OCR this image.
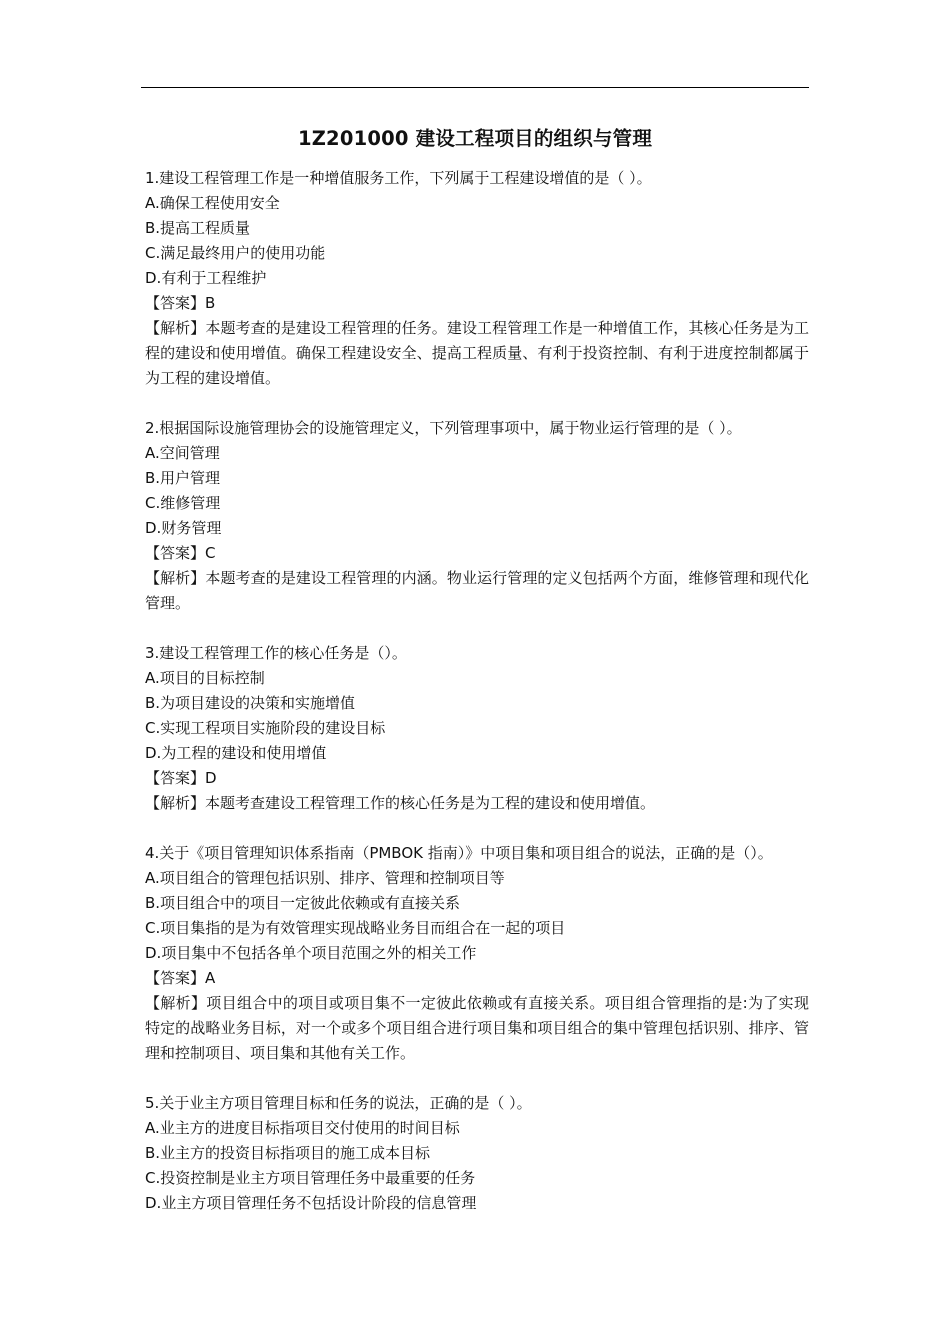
1Z201000 建设工程项目的组织与管理
1.建设工程管理工作是一种增值服务工作，下列属于工程建设增值的是（ ）。
A.确保工程使用安全
B.提高工程质量
C.满足最终用户的使用功能
D.有利于工程维护
【答案】B
【解析】本题考查的是建设工程管理的任务。建设工程管理工作是一种增值工作，其核心任务是为工程的建设和使用增值。确保工程建设安全、提高工程质量、有利于投资控制、有利于进度控制都属于为工程的建设增值。
2.根据国际设施管理协会的设施管理定义，下列管理事项中，属于物业运行管理的是（ ）。
A.空间管理
B.用户管理
C.维修管理
D.财务管理
【答案】C
【解析】本题考查的是建设工程管理的内涵。物业运行管理的定义包括两个方面，维修管理和现代化管理。
3.建设工程管理工作的核心任务是（）。
A.项目的目标控制
B.为项目建设的决策和实施增值
C.实现工程项目实施阶段的建设目标
D.为工程的建设和使用增值
【答案】D
【解析】本题考查建设工程管理工作的核心任务是为工程的建设和使用增值。
4.关于《项目管理知识体系指南（PMBOK 指南）》中项目集和项目组合的说法，正确的是（）。
A.项目组合的管理包括识别、排序、管理和控制项目等
B.项目组合中的项目一定彼此依赖或有直接关系
C.项目集指的是为有效管理实现战略业务目而组合在一起的项目
D.项目集中不包括各单个项目范围之外的相关工作
【答案】A
【解析】项目组合中的项目或项目集不一定彼此依赖或有直接关系。项目组合管理指的是:为了实现特定的战略业务目标，对一个或多个项目组合进行项目集和项目组合的集中管理包括识别、排序、管理和控制项目、项目集和其他有关工作。
5.关于业主方项目管理目标和任务的说法，正确的是（ ）。
A.业主方的进度目标指项目交付使用的时间目标
B.业主方的投资目标指项目的施工成本目标
C.投资控制是业主方项目管理任务中最重要的任务
D.业主方项目管理任务不包括设计阶段的信息管理
